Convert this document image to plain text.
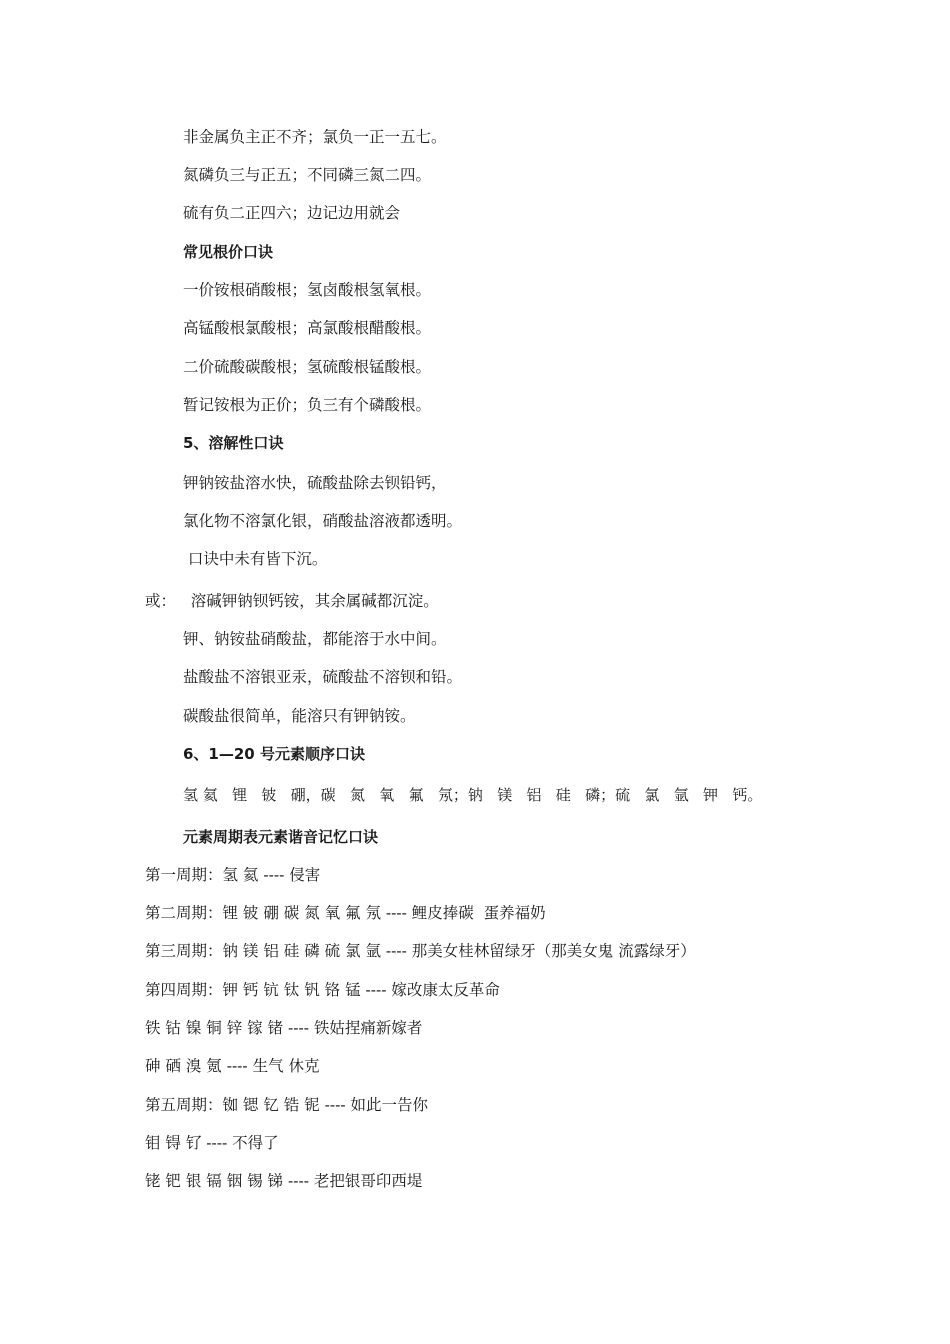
非金属负主正不齐；氯负一正一五七。
氮磷负三与正五；不同磷三氮二四。
硫有负二正四六；边记边用就会
常见根价口诀
一价铵根硝酸根；氢卤酸根氢氧根。
高锰酸根氯酸根；高氯酸根醋酸根。
二价硫酸碳酸根；氢硫酸根锰酸根。
暂记铵根为正价；负三有个磷酸根。
5、溶解性口诀
钾钠铵盐溶水快，硫酸盐除去钡铅钙，
氯化物不溶氯化银，硝酸盐溶液都透明。
口诀中未有皆下沉。
或：   溶碱钾钠钡钙铵，其余属碱都沉淀。
钾、钠铵盐硝酸盐，都能溶于水中间。
盐酸盐不溶银亚汞，硫酸盐不溶钡和铅。
碳酸盐很简单，能溶只有钾钠铵。
6、1—20 号元素顺序口诀
氢 氦   锂   铍   硼，碳   氮   氧   氟   氖；钠   镁   铝   硅   磷；硫   氯   氩   钾   钙。
元素周期表元素谐音记忆口诀
第一周期：氢 氦 ---- 侵害
第二周期：锂 铍 硼 碳 氮 氧 氟 氖 ---- 鲤皮捧碳  蛋养福奶
第三周期：钠 镁 铝 硅 磷 硫 氯 氩 ---- 那美女桂林留绿牙（那美女鬼 流露绿牙）
第四周期：钾 钙 钪 钛 钒 铬 锰 ---- 嫁改康太反革命
铁 钴 镍 铜 锌 镓 锗 ---- 铁姑捏痛新嫁者
砷 硒 溴 氪 ---- 生气 休克
第五周期：铷 锶 钇 锆 铌 ---- 如此一告你
钼 锝 钌 ---- 不得了
铑 钯 银 镉 铟 锡 锑 ---- 老把银哥印西堤
